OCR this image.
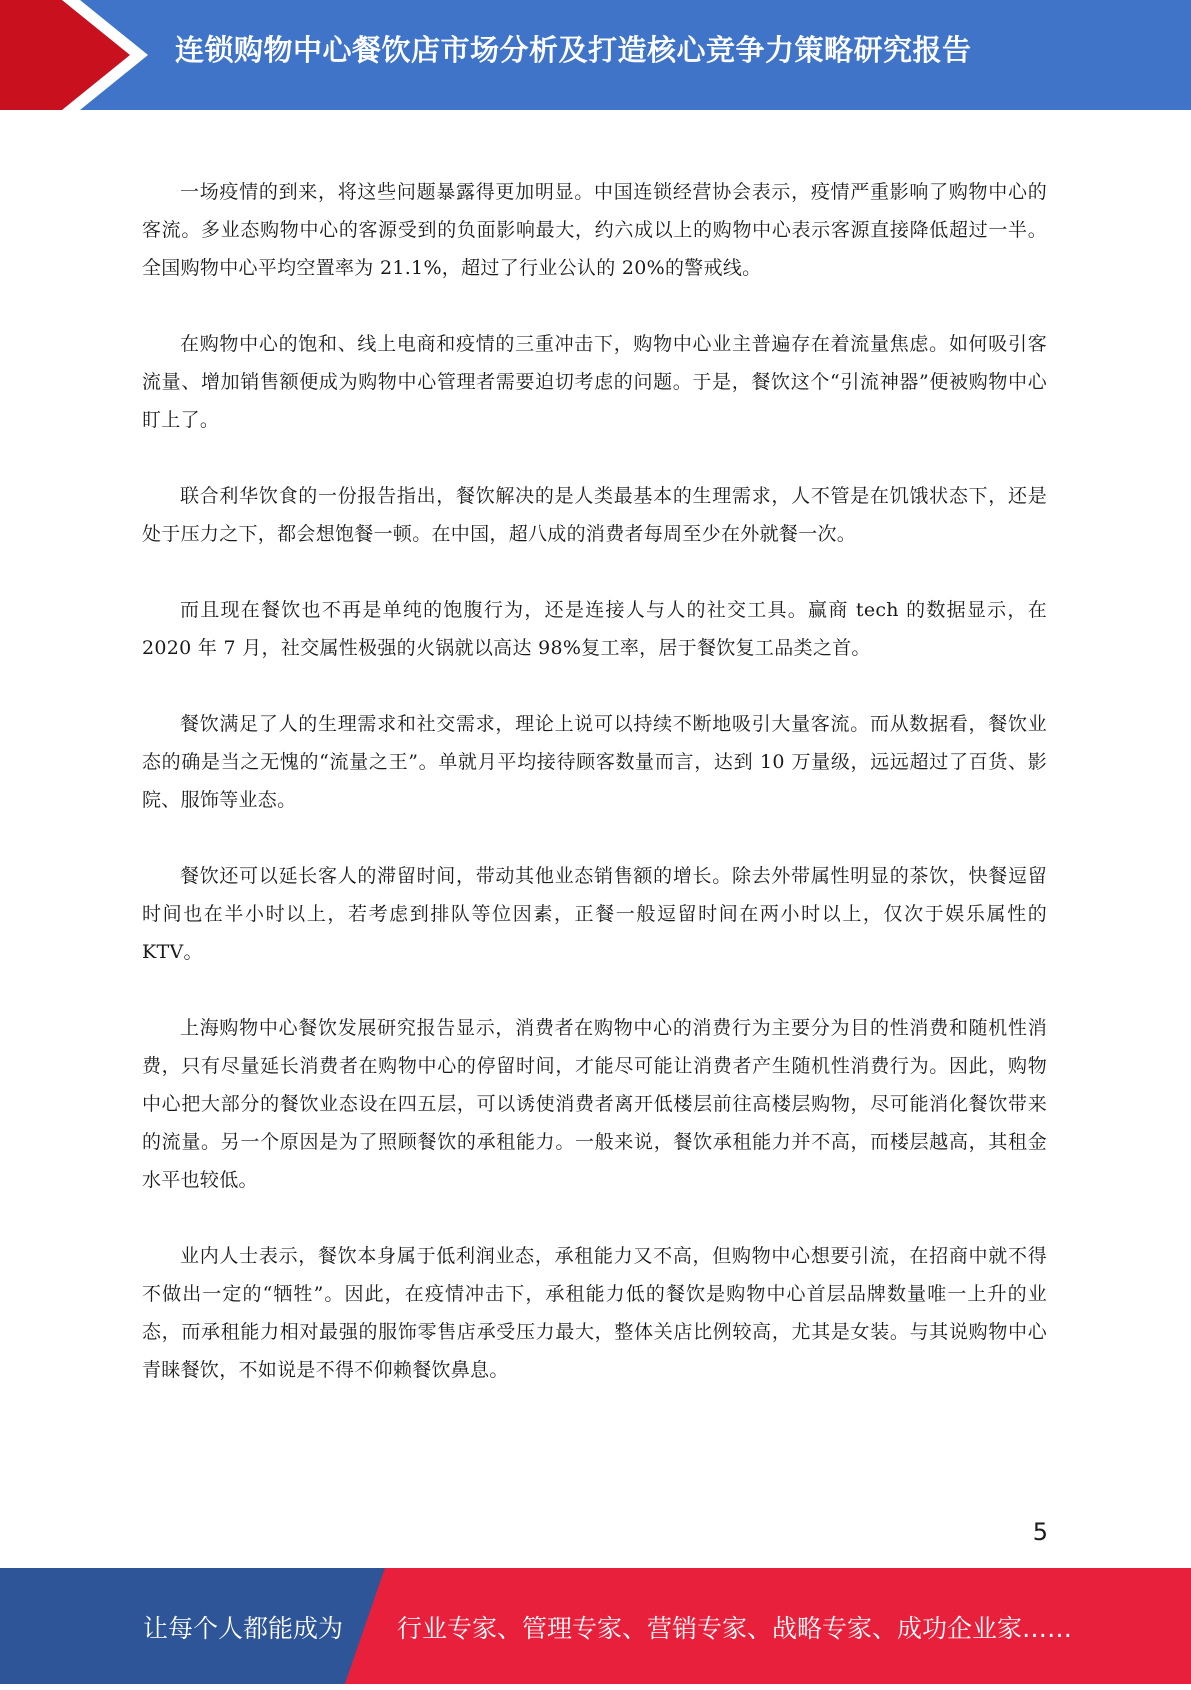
连锁购物中心餐饮店市场分析及打造核心竞争力策略研究报告

一场疫情的到来，将这些问题暴露得更加明显。中国连锁经营协会表示，疫情严重影响了购物中心的客流。多业态购物中心的客源受到的负面影响最大，约六成以上的购物中心表示客源直接降低超过一半。全国购物中心平均空置率为 21.1%，超过了行业公认的 20%的警戒线。

在购物中心的饱和、线上电商和疫情的三重冲击下，购物中心业主普遍存在着流量焦虑。如何吸引客流量、增加销售额便成为购物中心管理者需要迫切考虑的问题。于是，餐饮这个“引流神器”便被购物中心盯上了。

联合利华饮食的一份报告指出，餐饮解决的是人类最基本的生理需求，人不管是在饥饿状态下，还是处于压力之下，都会想饱餐一顿。在中国，超八成的消费者每周至少在外就餐一次。

而且现在餐饮也不再是单纯的饱腹行为，还是连接人与人的社交工具。赢商 tech 的数据显示，在 2020 年 7 月，社交属性极强的火锅就以高达 98%复工率，居于餐饮复工品类之首。

餐饮满足了人的生理需求和社交需求，理论上说可以持续不断地吸引大量客流。而从数据看，餐饮业态的确是当之无愧的“流量之王”。单就月平均接待顾客数量而言，达到 10 万量级，远远超过了百货、影院、服饰等业态。

餐饮还可以延长客人的滞留时间，带动其他业态销售额的增长。除去外带属性明显的茶饮，快餐逗留时间也在半小时以上，若考虑到排队等位因素，正餐一般逗留时间在两小时以上，仅次于娱乐属性的 KTV。

上海购物中心餐饮发展研究报告显示，消费者在购物中心的消费行为主要分为目的性消费和随机性消费，只有尽量延长消费者在购物中心的停留时间，才能尽可能让消费者产生随机性消费行为。因此，购物中心把大部分的餐饮业态设在四五层，可以诱使消费者离开低楼层前往高楼层购物，尽可能消化餐饮带来的流量。另一个原因是为了照顾餐饮的承租能力。一般来说，餐饮承租能力并不高，而楼层越高，其租金水平也较低。

业内人士表示，餐饮本身属于低利润业态，承租能力又不高，但购物中心想要引流，在招商中就不得不做出一定的“牺牲”。因此，在疫情冲击下，承租能力低的餐饮是购物中心首层品牌数量唯一上升的业态，而承租能力相对最强的服饰零售店承受压力最大，整体关店比例较高，尤其是女装。与其说购物中心青睐餐饮，不如说是不得不仰赖餐饮鼻息。

5
让每个人都能成为 行业专家、管理专家、营销专家、战略专家、成功企业家……
